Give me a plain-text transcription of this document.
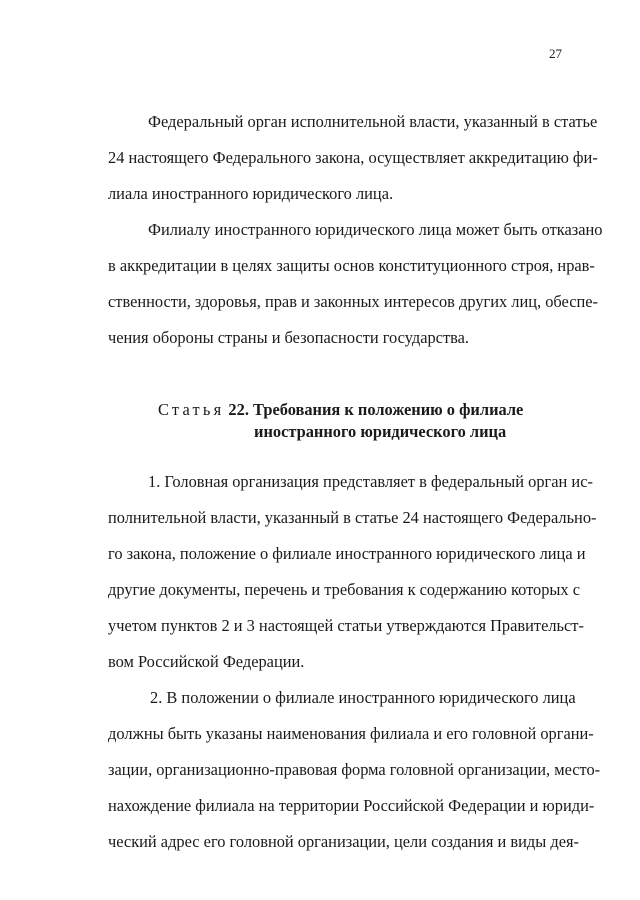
27
Федеральный орган исполнительной власти, указанный в статье
24 настоящего Федерального закона, осуществляет аккредитацию фи-
лиала иностранного юридического лица.
Филиалу иностранного юридического лица может быть отказано
в аккредитации в целях защиты основ конституционного строя, нрав-
ственности, здоровья, прав и законных интересов других лиц, обеспе-
чения обороны страны и безопасности государства.
Статья 22. Требования к положению о филиале
иностранного юридического лица
1. Головная организация представляет в федеральный орган ис-
полнительной власти, указанный в статье 24 настоящего Федерально-
го закона, положение о филиале иностранного юридического лица и
другие документы, перечень и требования к содержанию которых с
учетом пунктов 2 и 3 настоящей статьи утверждаются Правительст-
вом Российской Федерации.
2. В положении о филиале иностранного юридического лица
должны быть указаны наименования филиала и его головной органи-
зации, организационно-правовая форма головной организации, место-
нахождение филиала на территории Российской Федерации и юриди-
ческий адрес его головной организации, цели создания и виды дея-
